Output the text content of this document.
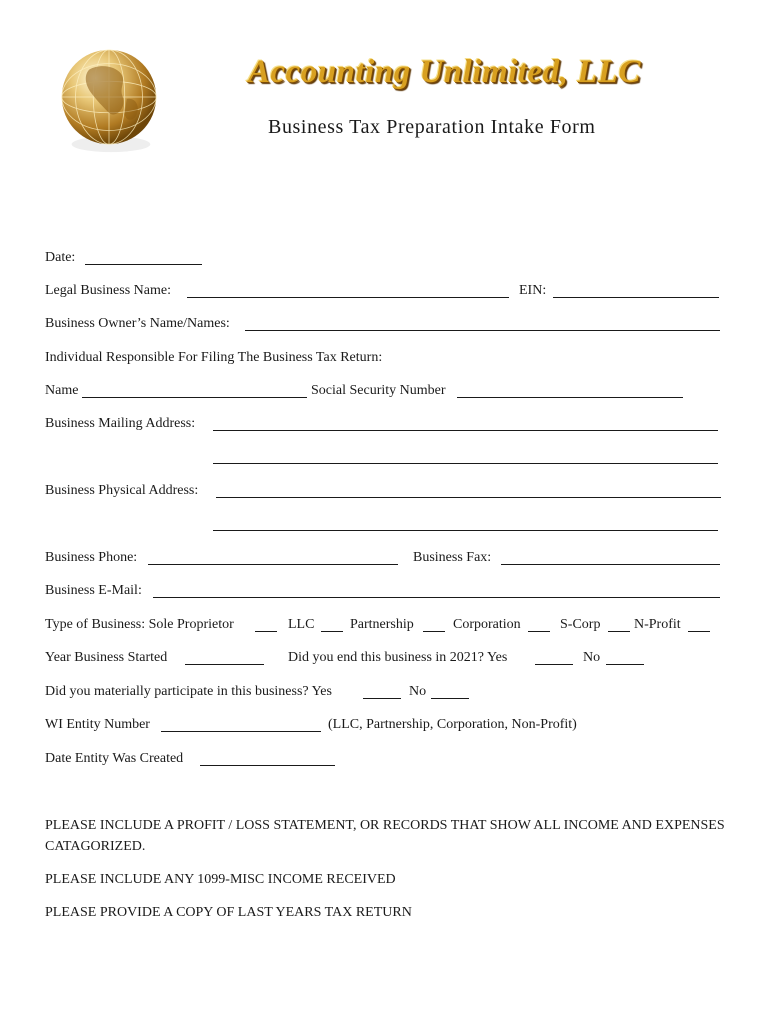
Accounting Unlimited, LLC
Business Tax Preparation Intake Form
Date:
Legal Business Name:	EIN:
Business Owner’s Name/Names:
Individual Responsible For Filing The Business Tax Return:
Name	Social Security Number
Business Mailing Address:
Business Physical Address:
Business Phone:	Business Fax:
Business E-Mail:
Type of Business: Sole Proprietor	LLC	Partnership	Corporation	S-Corp N-Profit
Year Business Started	Did you end this business in 2021? Yes	No
Did you materially participate in this business? Yes	No
WI Entity Number	(LLC, Partnership, Corporation, Non-Profit)
Date Entity Was Created
PLEASE INCLUDE A PROFIT / LOSS STATEMENT, OR RECORDS THAT SHOW ALL INCOME AND EXPENSES CATAGORIZED.
PLEASE INCLUDE ANY 1099-MISC INCOME RECEIVED
PLEASE PROVIDE A COPY OF LAST YEARS TAX RETURN
